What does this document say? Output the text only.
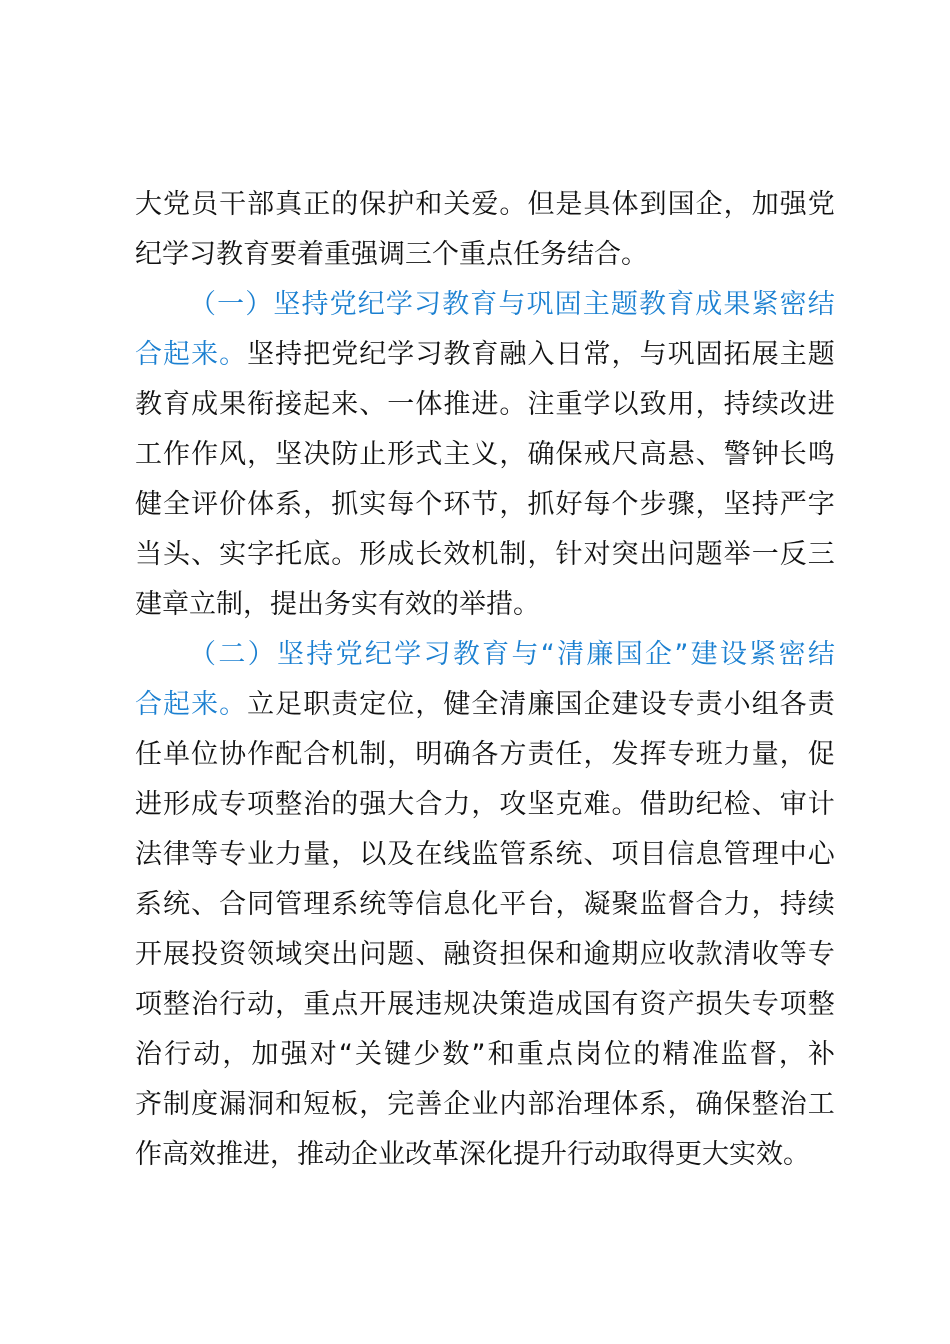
大 党 员 干 部 真 正 的 保 护 和 关 爱 。 但 是 具 体 到 国 企 ， 加 强 党
纪学习教育要着重强调三个重点任务结合。
（ 一 ） 坚 持 党 纪 学 习 教 育 与 巩 固 主 题 教 育 成 果 紧 密 结
合 起 来 。 坚 持 把 党 纪 学 习 教 育 融 入 日 常 ， 与 巩 固 拓 展 主 题
教 育 成 果 衔 接 起 来 、 一 体 推 进 。 注 重 学 以 致 用 ， 持 续 改 进
工 作 作 风 ， 坚 决 防 止 形 式 主 义 ， 确 保 戒 尺 高 悬 、 警 钟 长 鸣
健 全 评 价 体 系 ， 抓 实 每 个 环 节 ， 抓 好 每 个 步 骤 ， 坚 持 严 字
当 头 、 实 字 托 底 。 形 成 长 效 机 制 ， 针 对 突 出 问 题 举 一 反 三
建章立制，提出务实有效的举措。
（ 二 ） 坚 持 党 纪 学 习 教 育 与 “ 清 廉 国 企 ” 建 设 紧 密 结
合 起 来 。 立 足 职 责 定 位 ， 健 全 清 廉 国 企 建 设 专 责 小 组 各 责
任 单 位 协 作 配 合 机 制 ， 明 确 各 方 责 任 ， 发 挥 专 班 力 量 ， 促
进 形 成 专 项 整 治 的 强 大 合 力 ， 攻 坚 克 难 。 借 助 纪 检 、 审 计
法 律 等 专 业 力 量 ， 以 及 在 线 监 管 系 统 、 项 目 信 息 管 理 中 心
系 统 、 合 同 管 理 系 统 等 信 息 化 平 台 ， 凝 聚 监 督 合 力 ， 持 续
开 展 投 资 领 域 突 出 问 题 、 融 资 担 保 和 逾 期 应 收 款 清 收 等 专
项 整 治 行 动 ， 重 点 开 展 违 规 决 策 造 成 国 有 资 产 损 失 专 项 整
治 行 动 ， 加 强 对 “ 关 键 少 数 ” 和 重 点 岗 位 的 精 准 监 督 ， 补
齐 制 度 漏 洞 和 短 板 ， 完 善 企 业 内 部 治 理 体 系 ， 确 保 整 治 工
作高效推进，推动企业改革深化提升行动取得更大实效。
